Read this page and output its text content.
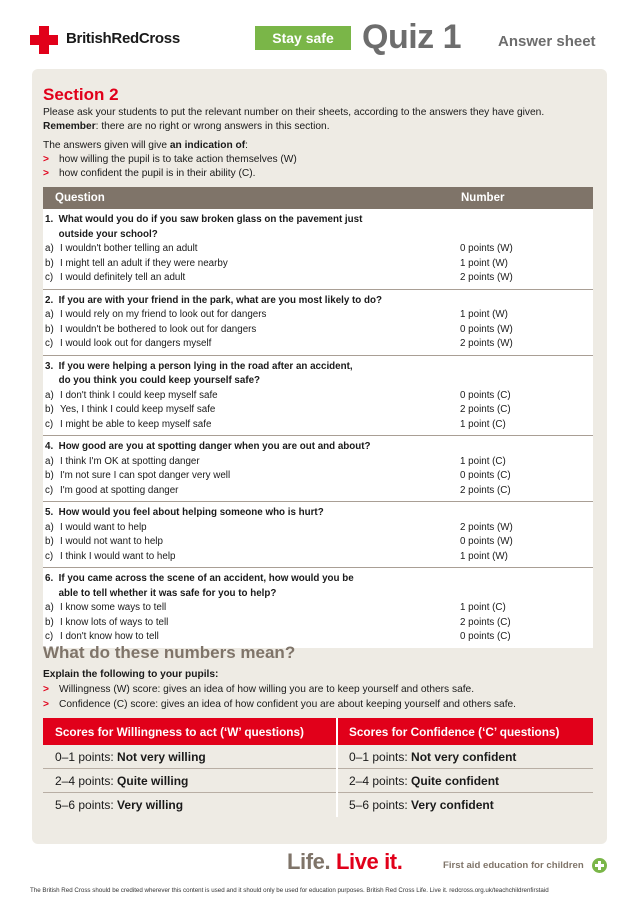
BritishRedCross	Stay safe Quiz 1 Answer sheet
Section 2
Please ask your students to put the relevant number on their sheets, according to the answers they have given.
Remember: there are no right or wrong answers in this section.
The answers given will give an indication of:
> how willing the pupil is to take action themselves (W)
> how confident the pupil is in their ability (C).
Question	Number
1.  What would you do if you saw broken glass on the pavement just
outside your school?
a) I wouldn't bother telling an adult	0 points (W)
b) I might tell an adult if they were nearby	1 point (W)
c) I would definitely tell an adult	2 points (W)
2.  If you are with your friend in the park, what are you most likely to do?
a) I would rely on my friend to look out for dangers	1 point (W)
b) I wouldn't be bothered to look out for dangers	0 points (W)
c) I would look out for dangers myself	2 points (W)
3.  If you were helping a person lying in the road after an accident,
do you think you could keep yourself safe?
a) I don't think I could keep myself safe	0 points (C)
b) Yes, I think I could keep myself safe	2 points (C)
c) I might be able to keep myself safe	1 point (C)
4.  How good are you at spotting danger when you are out and about?
a) I think I'm OK at spotting danger	1 point (C)
b) I'm not sure I can spot danger very well	0 points (C)
c) I'm good at spotting danger	2 points (C)
5.  How would you feel about helping someone who is hurt?
a) I would want to help	2 points (W)
b) I would not want to help	0 points (W)
c) I think I would want to help	1 point (W)
6.  If you came across the scene of an accident, how would you be
able to tell whether it was safe for you to help?
a) I know some ways to tell	1 point (C)
b) I know lots of ways to tell	2 points (C)
c) I don't know how to tell	0 points (C)
What do these numbers mean?
Explain the following to your pupils:
> Willingness (W) score: gives an idea of how willing you are to keep yourself and others safe.
> Confidence (C) score: gives an idea of how confident you are about keeping yourself and others safe.
Scores for Willingness to act (‘W’ questions)	Scores for Confidence (‘C’ questions)
0–1 points: Not very willing	0–1 points: Not very confident
2–4 points: Quite willing	2–4 points: Quite confident
5–6 points: Very willing	5–6 points: Very confident
Life. Live it.	First aid education for children
The British Red Cross should be credited wherever this content is used and it should only be used for education purposes. British Red Cross Life. Live it. redcross.org.uk/teachchildrenfirstaid
